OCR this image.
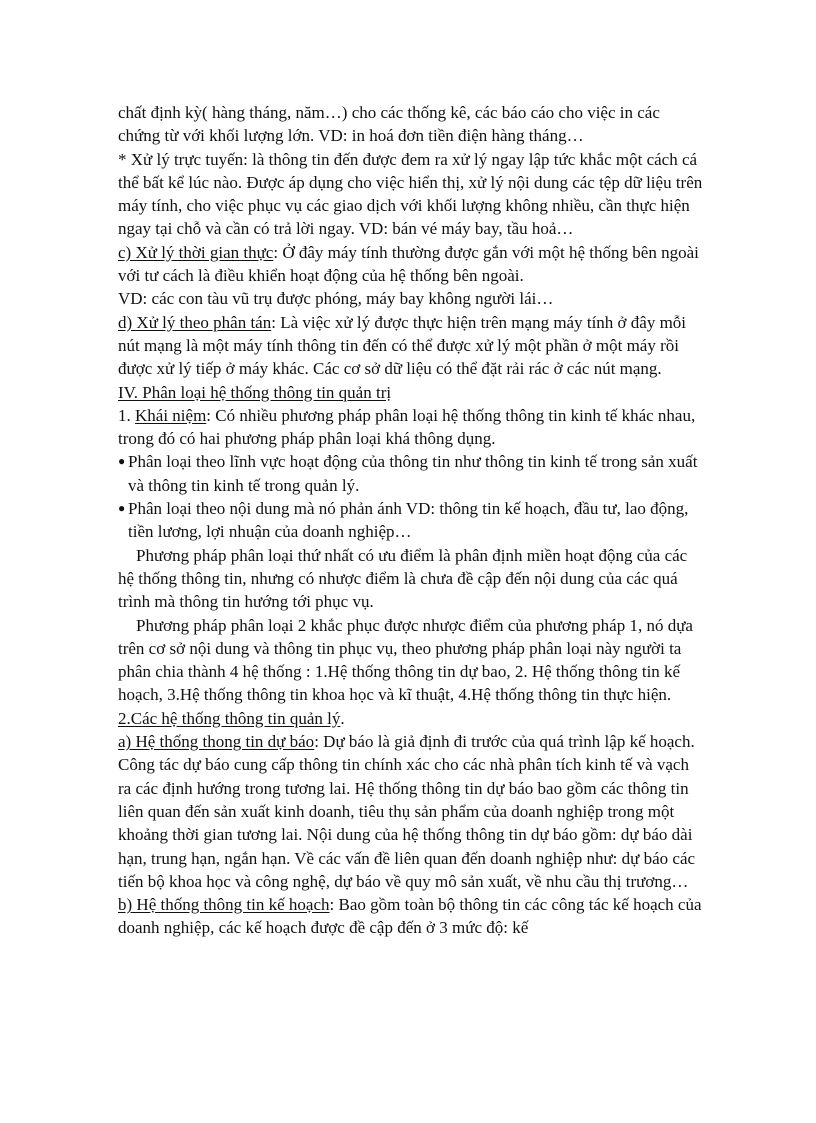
chất định kỳ( hàng tháng, năm…) cho các thống kê, các báo cáo cho việc in các chứng từ với khối lượng lớn. VD: in hoá đơn tiền điện hàng tháng…

* Xử lý trực tuyến: là thông tin đến được đem ra xử lý ngay lập tức khắc một cách cá thể bất kể lúc nào. Được áp dụng cho việc hiển thị, xử lý nội dung các tệp dữ liệu trên máy tính, cho việc phục vụ các giao dịch với khối lượng không nhiều, cần thực hiện ngay tại chỗ và cần có trả lời ngay. VD: bán vé máy bay, tầu hoả…

c) Xử lý thời gian thực: Ở đây máy tính thường được gắn với một hệ thống bên ngoài với tư cách là điều khiển hoạt động của hệ thống bên ngoài.

VD: các con tàu vũ trụ được phóng, máy bay không người lái…

d) Xử lý theo phân tán: Là việc xử lý được thực hiện trên mạng máy tính ở đây mỗi nút mạng là một máy tính thông tin đến có thể được xử lý một phần ở một máy rồi được xử lý tiếp ở máy khác. Các cơ sở dữ liệu có thể đặt rải rác ở các nút mạng.

IV. Phân loại hệ thống thông tin quản trị

1. Khái niệm: Có nhiều phương pháp phân loại hệ thống thông tin kinh tế khác nhau, trong đó có hai phương pháp phân loại khá thông dụng.

● Phân loại theo lĩnh vực hoạt động của thông tin như thông tin kinh tế trong sản xuất và thông tin kinh tế trong quản lý.
● Phân loại theo nội dung mà nó phản ánh VD: thông tin kế hoạch, đầu tư, lao động, tiền lương, lợi nhuận của doanh nghiệp…

Phương pháp phân loại thứ nhất có ưu điểm là phân định miền hoạt động của các hệ thống thông tin, nhưng có nhược điểm là chưa đề cập đến nội dung của các quá trình mà thông tin hướng tới phục vụ.

Phương pháp phân loại 2 khắc phục được nhược điểm của phương pháp 1, nó dựa trên cơ sở nội dung và thông tin phục vụ, theo phương pháp phân loại này người ta phân chia thành 4 hệ thống : 1.Hệ thống thông tin dự bao, 2. Hệ thống thông tin kế hoạch, 3.Hệ thống thông tin khoa học và kĩ thuật, 4.Hệ thống thông tin thực hiện.

2.Các hệ thống thông tin quản lý.

a) Hệ thống thong tin dự báo: Dự báo là giả định đi trước của quá trình lập kế hoạch. Công tác dự báo cung cấp thông tin chính xác cho các nhà phân tích kinh tế và vạch ra các định hướng trong tương lai. Hệ thống thông tin dự báo bao gồm các thông tin liên quan đến sản xuất kinh doanh, tiêu thụ sản phẩm của doanh nghiệp trong một khoảng thời gian tương lai. Nội dung của hệ thống thông tin dự báo gồm: dự báo dài hạn, trung hạn, ngắn hạn. Về các vấn đề liên quan đến doanh nghiệp như: dự báo các tiến bộ khoa học và công nghệ, dự báo về quy mô sản xuất, về nhu cầu thị trương…

b) Hệ thống thông tin kế hoạch: Bao gồm toàn bộ thông tin các công tác kế hoạch của doanh nghiệp, các kế hoạch được đề cập đến ở 3 mức độ: kế
